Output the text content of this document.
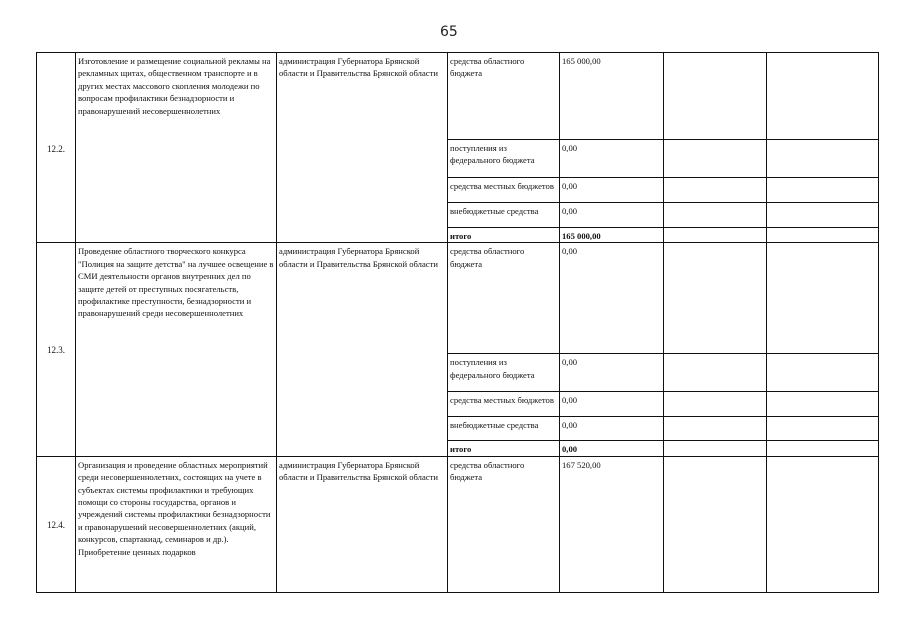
65
12.2.	Изготовление и размещение социальной рекламы на рекламных щитах, общественном транспорте и в других местах массового скопления молодежи по вопросам профилактики безнадзорности и правонарушений несовершеннолетних	администрация Губернатора Брянской области и Правительства Брянской области	средства областного бюджета	165 000,00		
			поступления из федерального бюджета	0,00		
			средства местных бюджетов	0,00		
			внебюджетные средства	0,00		
			итого	165 000,00		
12.3.	Проведение областного творческого конкурса "Полиция на защите детства" на лучшее освещение в СМИ деятельности органов внутренних дел по защите детей от преступных посягательств, профилактике преступности, безнадзорности и правонарушений среди несовершеннолетних	администрация Губернатора Брянской области и Правительства Брянской области	средства областного бюджета	0,00		
			поступления из федерального бюджета	0,00		
			средства местных бюджетов	0,00		
			внебюджетные средства	0,00		
			итого	0,00		
12.4.	Организация и проведение областных мероприятий среди несовершеннолетних, состоящих на учете в субъектах системы профилактики и требующих помощи со стороны государства, органов и учреждений системы профилактики безнадзорности и правонарушений несовершеннолетних (акций, конкурсов, спартакиад, семинаров и др.). Приобретение ценных подарков	администрация Губернатора Брянской области и Правительства Брянской области	средства областного бюджета	167 520,00		
